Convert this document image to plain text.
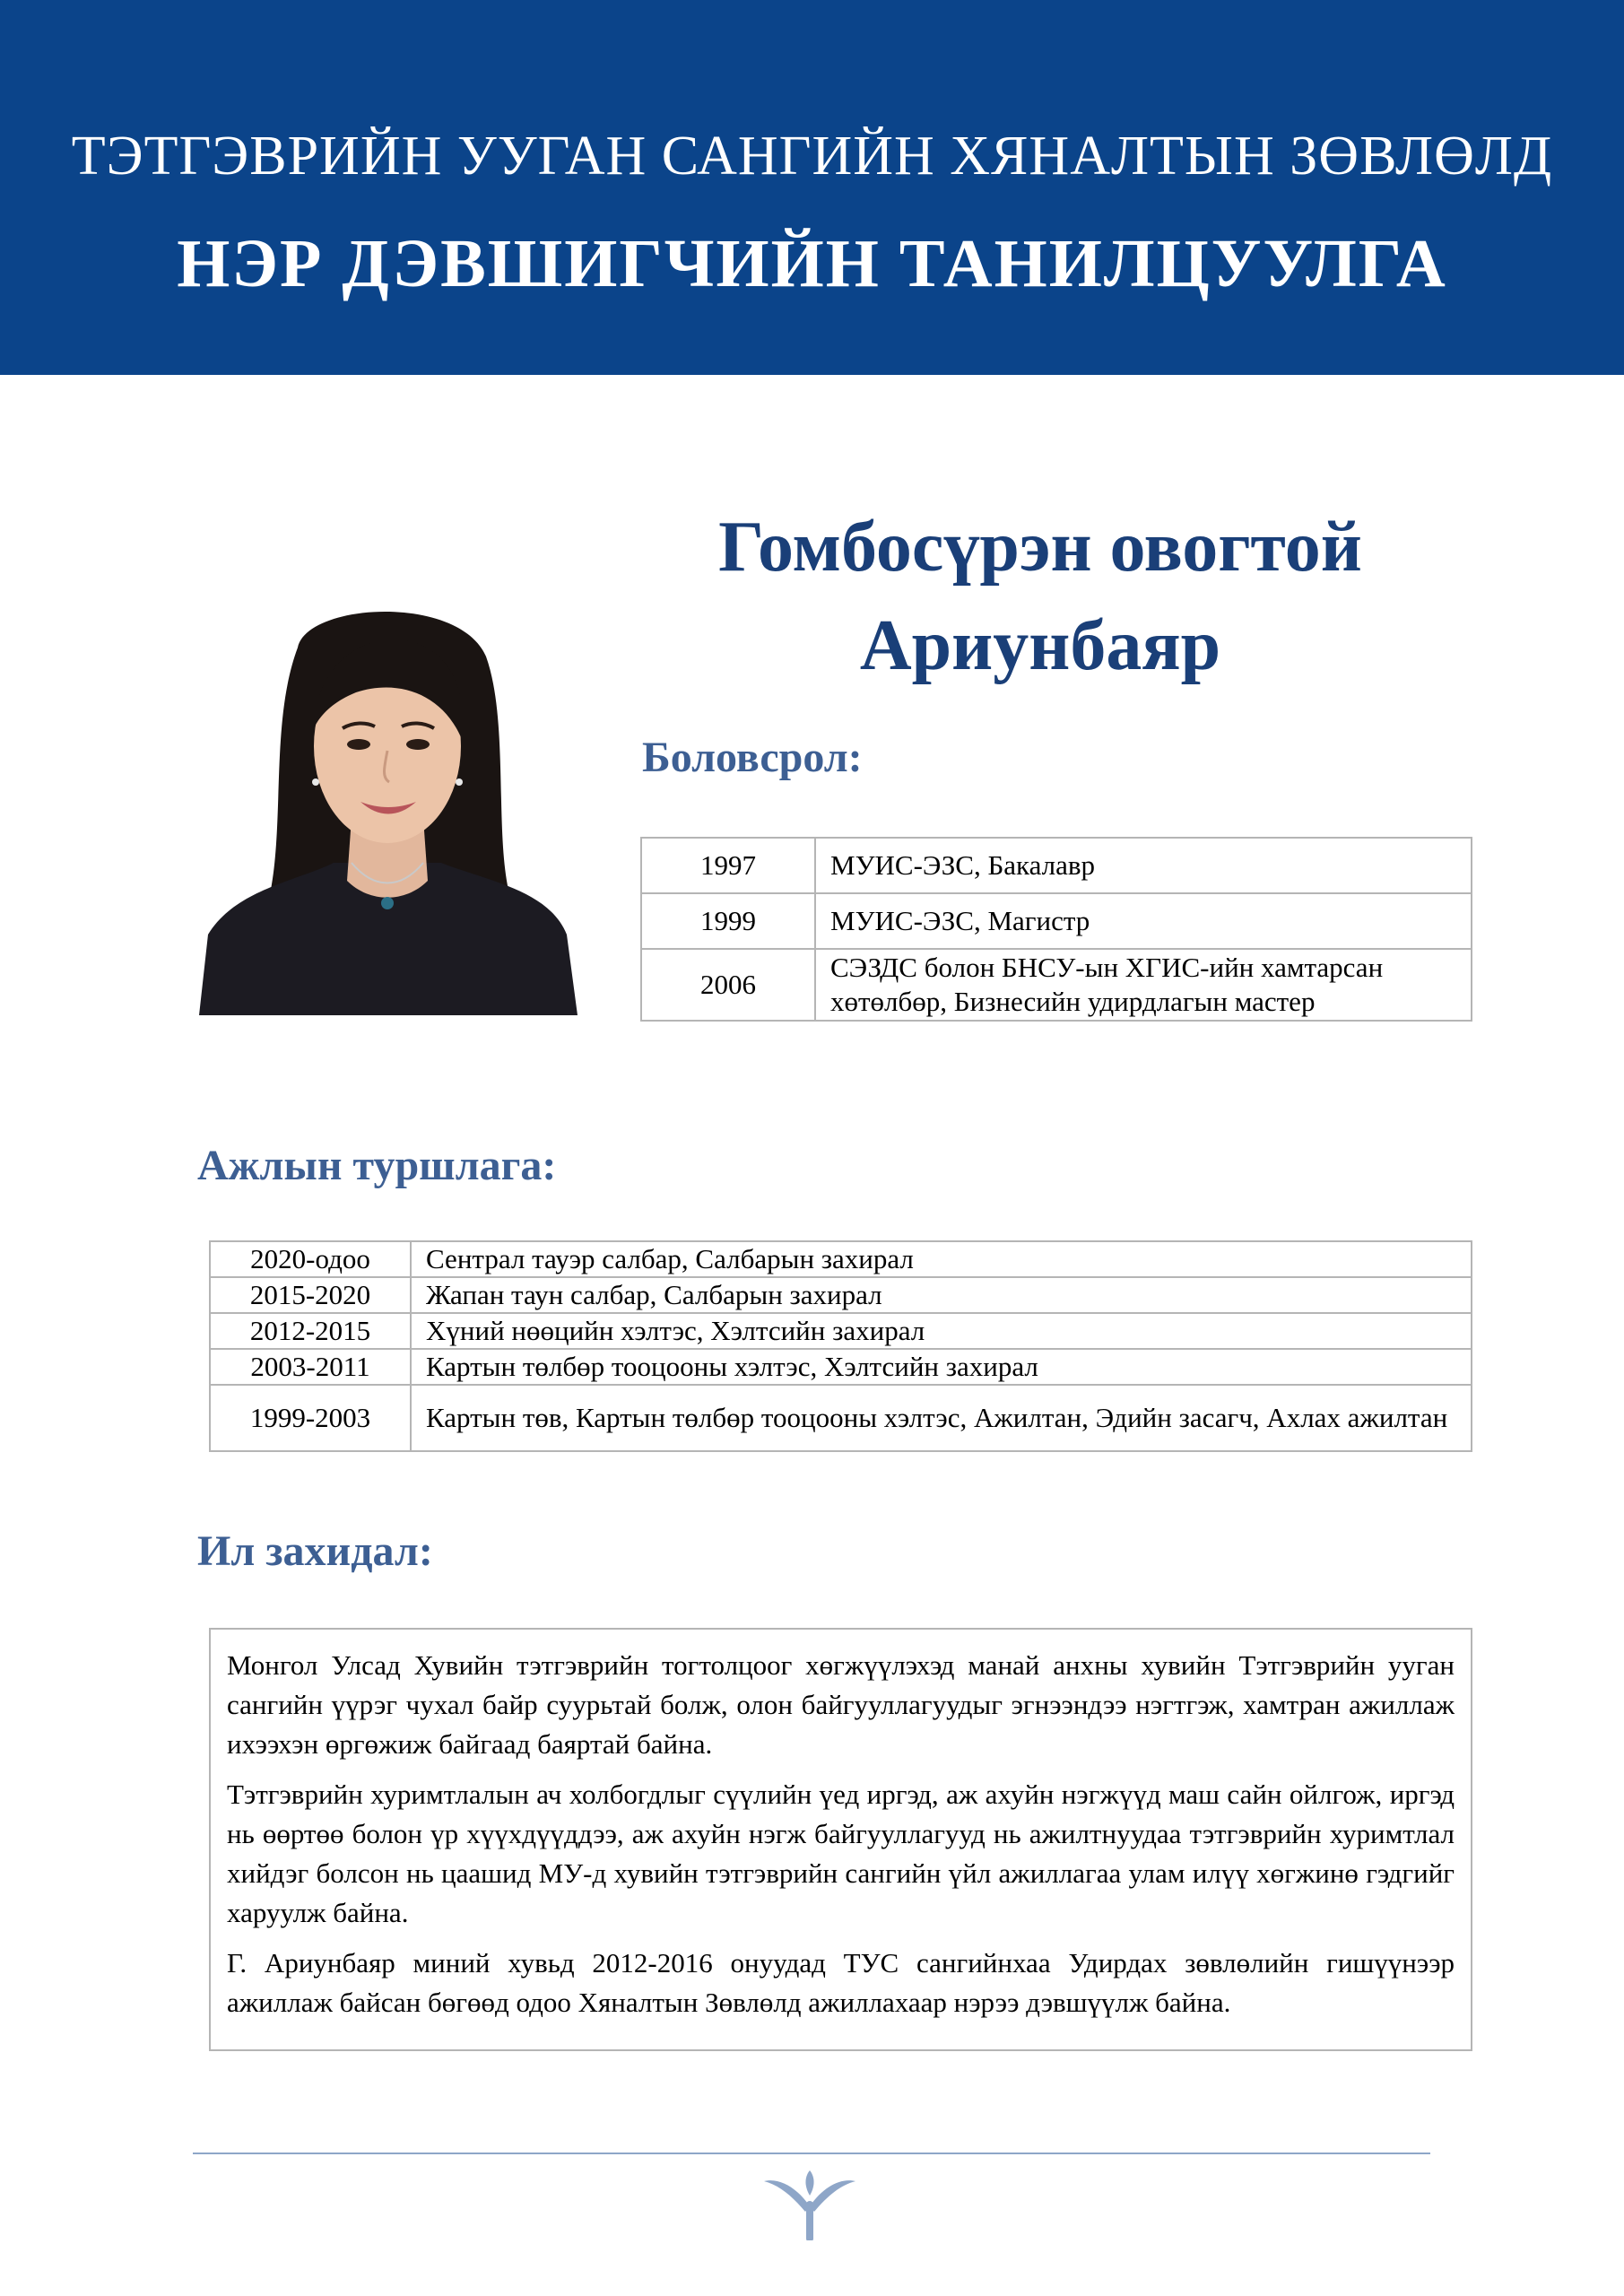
ТЭТГЭВРИЙН УУГАН САНГИЙН ХЯНАЛТЫН ЗӨВЛӨЛД
НЭР ДЭВШИГЧИЙН ТАНИЛЦУУЛГА
Гомбосүрэн овогтой
Ариунбаяр
Боловсрол:
1997	МУИС-ЭЗС, Бакалавр
1999	МУИС-ЭЗС, Магистр
2006	СЭЗДС болон БНСУ-ын ХГИС-ийн хамтарсан хөтөлбөр, Бизнесийн удирдлагын мастер
Ажлын туршлага:
2020-одоо	Сентрал тауэр салбар, Салбарын захирал
2015-2020	Жапан таун салбар, Салбарын захирал
2012-2015	Хүний нөөцийн хэлтэс, Хэлтсийн захирал
2003-2011	Картын төлбөр тооцооны хэлтэс, Хэлтсийн захирал
1999-2003	Картын төв, Картын төлбөр тооцооны хэлтэс, Ажилтан, Эдийн засагч, Ахлах ажилтан
Ил захидал:

Монгол Улсад Хувийн тэтгэврийн тогтолцоог хөгжүүлэхэд манай анхны хувийн Тэтгэврийн ууган сангийн үүрэг чухал байр суурьтай болж, олон байгууллагуудыг эгнээндээ нэгтгэж, хамтран ажиллаж ихээхэн өргөжиж байгаад баяртай байна.

Тэтгэврийн хуримтлалын ач холбогдлыг сүүлийн үед иргэд, аж ахуйн нэгжүүд маш сайн ойлгож, иргэд нь өөртөө болон үр хүүхдүүддээ, аж ахуйн нэгж байгууллагууд нь ажилтнуудаа тэтгэврийн хуримтлал хийдэг болсон нь цаашид МУ-д хувийн тэтгэврийн сангийн үйл ажиллагаа улам илүү хөгжинө гэдгийг харуулж байна.

Г. Ариунбаяр миний хувьд 2012-2016 онуудад ТУС сангийнхаа Удирдах зөвлөлийн гишүүнээр ажиллаж байсан бөгөөд одоо Хяналтын Зөвлөлд ажиллахаар нэрээ дэвшүүлж байна.
